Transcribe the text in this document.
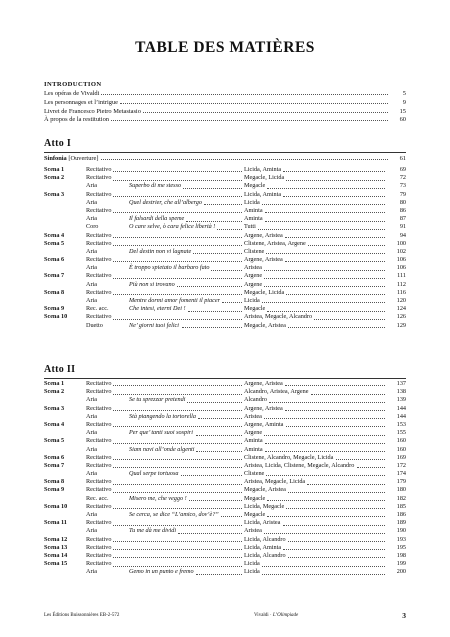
TABLE DES MATIÈRES
INTRODUCTION
Les opéras de Vivaldi	5
Les personnages et l’intrigue	9
Livret de Francesco Pietro Metastasio	15
À propos de la restitution	60
Atto I
Sinfonia [Ouverture]	61
Scena 1	Recitativo	Licida, Aminta	69
Scena 2	Recitativo	Megacle, Licida	72
Aria	Superbo di me stesso	Megacle	73
Scena 3	Recitativo	Licida, Aminta	79
Aria	Quel destrier, che all’albergo	Licida	80
Recitativo	Aminta	86
Aria	Il falsardi della speme	Aminta	87
Coro	O care selve, ò cara felice libertà !	Tutti	91
Scena 4	Recitativo	Argene, Aristea	94
Scena 5	Recitativo	Clistene, Aristea, Argene	100
Aria	Del destin non vi lagnate	Clistene	102
Scena 6	Recitativo	Argene, Aristea	106
Aria	È troppo spietato il barbaro fato	Aristea	106
Scena 7	Recitativo	Argene	111
Aria	Più non si trovano	Argene	112
Scena 8	Recitativo	Megacle, Licida	116
Aria	Mentre dormi amor fomenti il piacer	Licida	120
Scena 9	Rec. acc.	Che intesi, eterni Dei !	Megacle	124
Scena 10	Recitativo	Aristea, Megacle, Alcandro	126
Duetto	Ne’ giorni tuoi felici	Megacle, Aristea	129
Atto II
Scena 1	Recitativo	Argene, Aristea	137
Scena 2	Recitativo	Alcandro, Aristea, Argene	138
Aria	Se tu sprezzar pretendi	Alcandro	139
Scena 3	Recitativo	Argene, Aristea	144
Aria	Stà piangendo la tortorella	Aristea	144
Scena 4	Recitativo	Argene, Aminta	153
Aria	Per que’ tanti suoi sospiri	Argene	155
Scena 5	Recitativo	Aminta	160
Aria	Siam navi all’onde algenti	Aminta	160
Scena 6	Recitativo	Clistene, Alcandro, Megacle, Licida	169
Scena 7	Recitativo	Aristea, Licida, Clistene, Megacle, Alcandro	172
Aria	Qual serpe tortuosa	Clistene	174
Scena 8	Recitativo	Aristea, Megacle, Licida	179
Scena 9	Recitativo	Megacle, Aristea	180
Rec. acc.	Misero me, che veggo !	Megacle	182
Scena 10	Recitativo	Licida, Megacle	185
Aria	Se cerca, se dice “L’amico, dov’è?”	Megacle	186
Scena 11	Recitativo	Licida, Aristea	189
Aria	Tu me dà me dividi	Aristea	190
Scena 12	Recitativo	Licida, Alcandro	193
Scena 13	Recitativo	Licida, Aminta	195
Scena 14	Recitativo	Licida, Alcandro	198
Scena 15	Recitativo	Licida	199
Aria	Gemo in un punto e fremo	Licida	200
Les Éditions Buissonnières EB-2-572	Vivaldi · L’Olimpiade	3
